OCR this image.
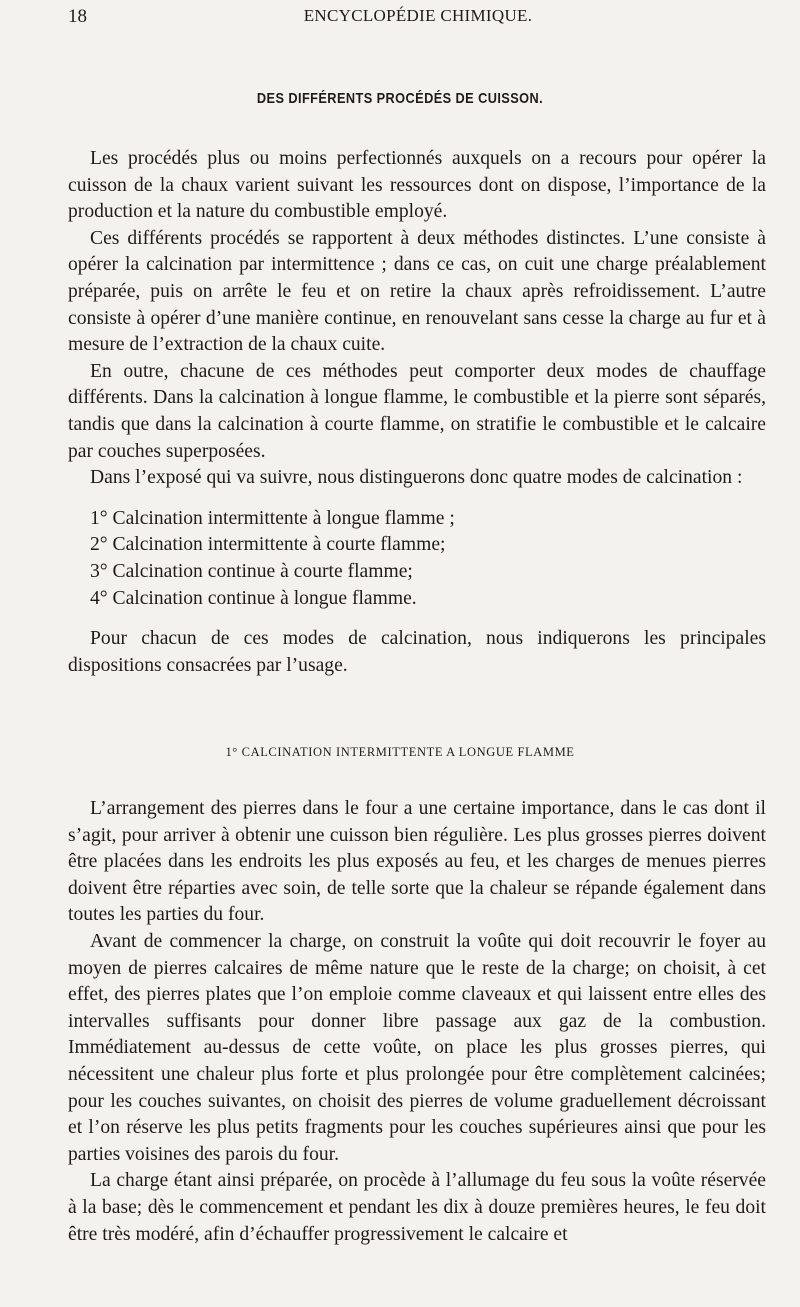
18	ENCYCLOPÉDIE CHIMIQUE.
DES DIFFÉRENTS PROCÉDÉS DE CUISSON.

Les procédés plus ou moins perfectionnés auxquels on a recours pour opérer la cuisson de la chaux varient suivant les ressources dont on dispose, l’importance de la production et la nature du combustible employé.

Ces différents procédés se rapportent à deux méthodes distinctes. L’une consiste à opérer la calcination par intermittence ; dans ce cas, on cuit une charge préalablement préparée, puis on arrête le feu et on retire la chaux après refroidissement. L’autre consiste à opérer d’une manière continue, en renouvelant sans cesse la charge au fur et à mesure de l’extraction de la chaux cuite.

En outre, chacune de ces méthodes peut comporter deux modes de chauffage différents. Dans la calcination à longue flamme, le combustible et la pierre sont séparés, tandis que dans la calcination à courte flamme, on stratifie le combustible et le calcaire par couches superposées.

Dans l’exposé qui va suivre, nous distinguerons donc quatre modes de calcination :

1° Calcination intermittente à longue flamme ;
2° Calcination intermittente à courte flamme;
3° Calcination continue à courte flamme;
4° Calcination continue à longue flamme.

Pour chacun de ces modes de calcination, nous indiquerons les principales dispositions consacrées par l’usage.

1° CALCINATION INTERMITTENTE A LONGUE FLAMME

L’arrangement des pierres dans le four a une certaine importance, dans le cas dont il s’agit, pour arriver à obtenir une cuisson bien régulière. Les plus grosses pierres doivent être placées dans les endroits les plus exposés au feu, et les charges de menues pierres doivent être réparties avec soin, de telle sorte que la chaleur se répande également dans toutes les parties du four.

Avant de commencer la charge, on construit la voûte qui doit recouvrir le foyer au moyen de pierres calcaires de même nature que le reste de la charge; on choisit, à cet effet, des pierres plates que l’on emploie comme claveaux et qui laissent entre elles des intervalles suffisants pour donner libre passage aux gaz de la combustion. Immédiatement au-dessus de cette voûte, on place les plus grosses pierres, qui nécessitent une chaleur plus forte et plus prolongée pour être complètement calcinées; pour les couches suivantes, on choisit des pierres de volume graduellement décroissant et l’on réserve les plus petits fragments pour les couches supérieures ainsi que pour les parties voisines des parois du four.

La charge étant ainsi préparée, on procède à l’allumage du feu sous la voûte réservée à la base; dès le commencement et pendant les dix à douze premières heures, le feu doit être très modéré, afin d’échauffer progressivement le calcaire et
